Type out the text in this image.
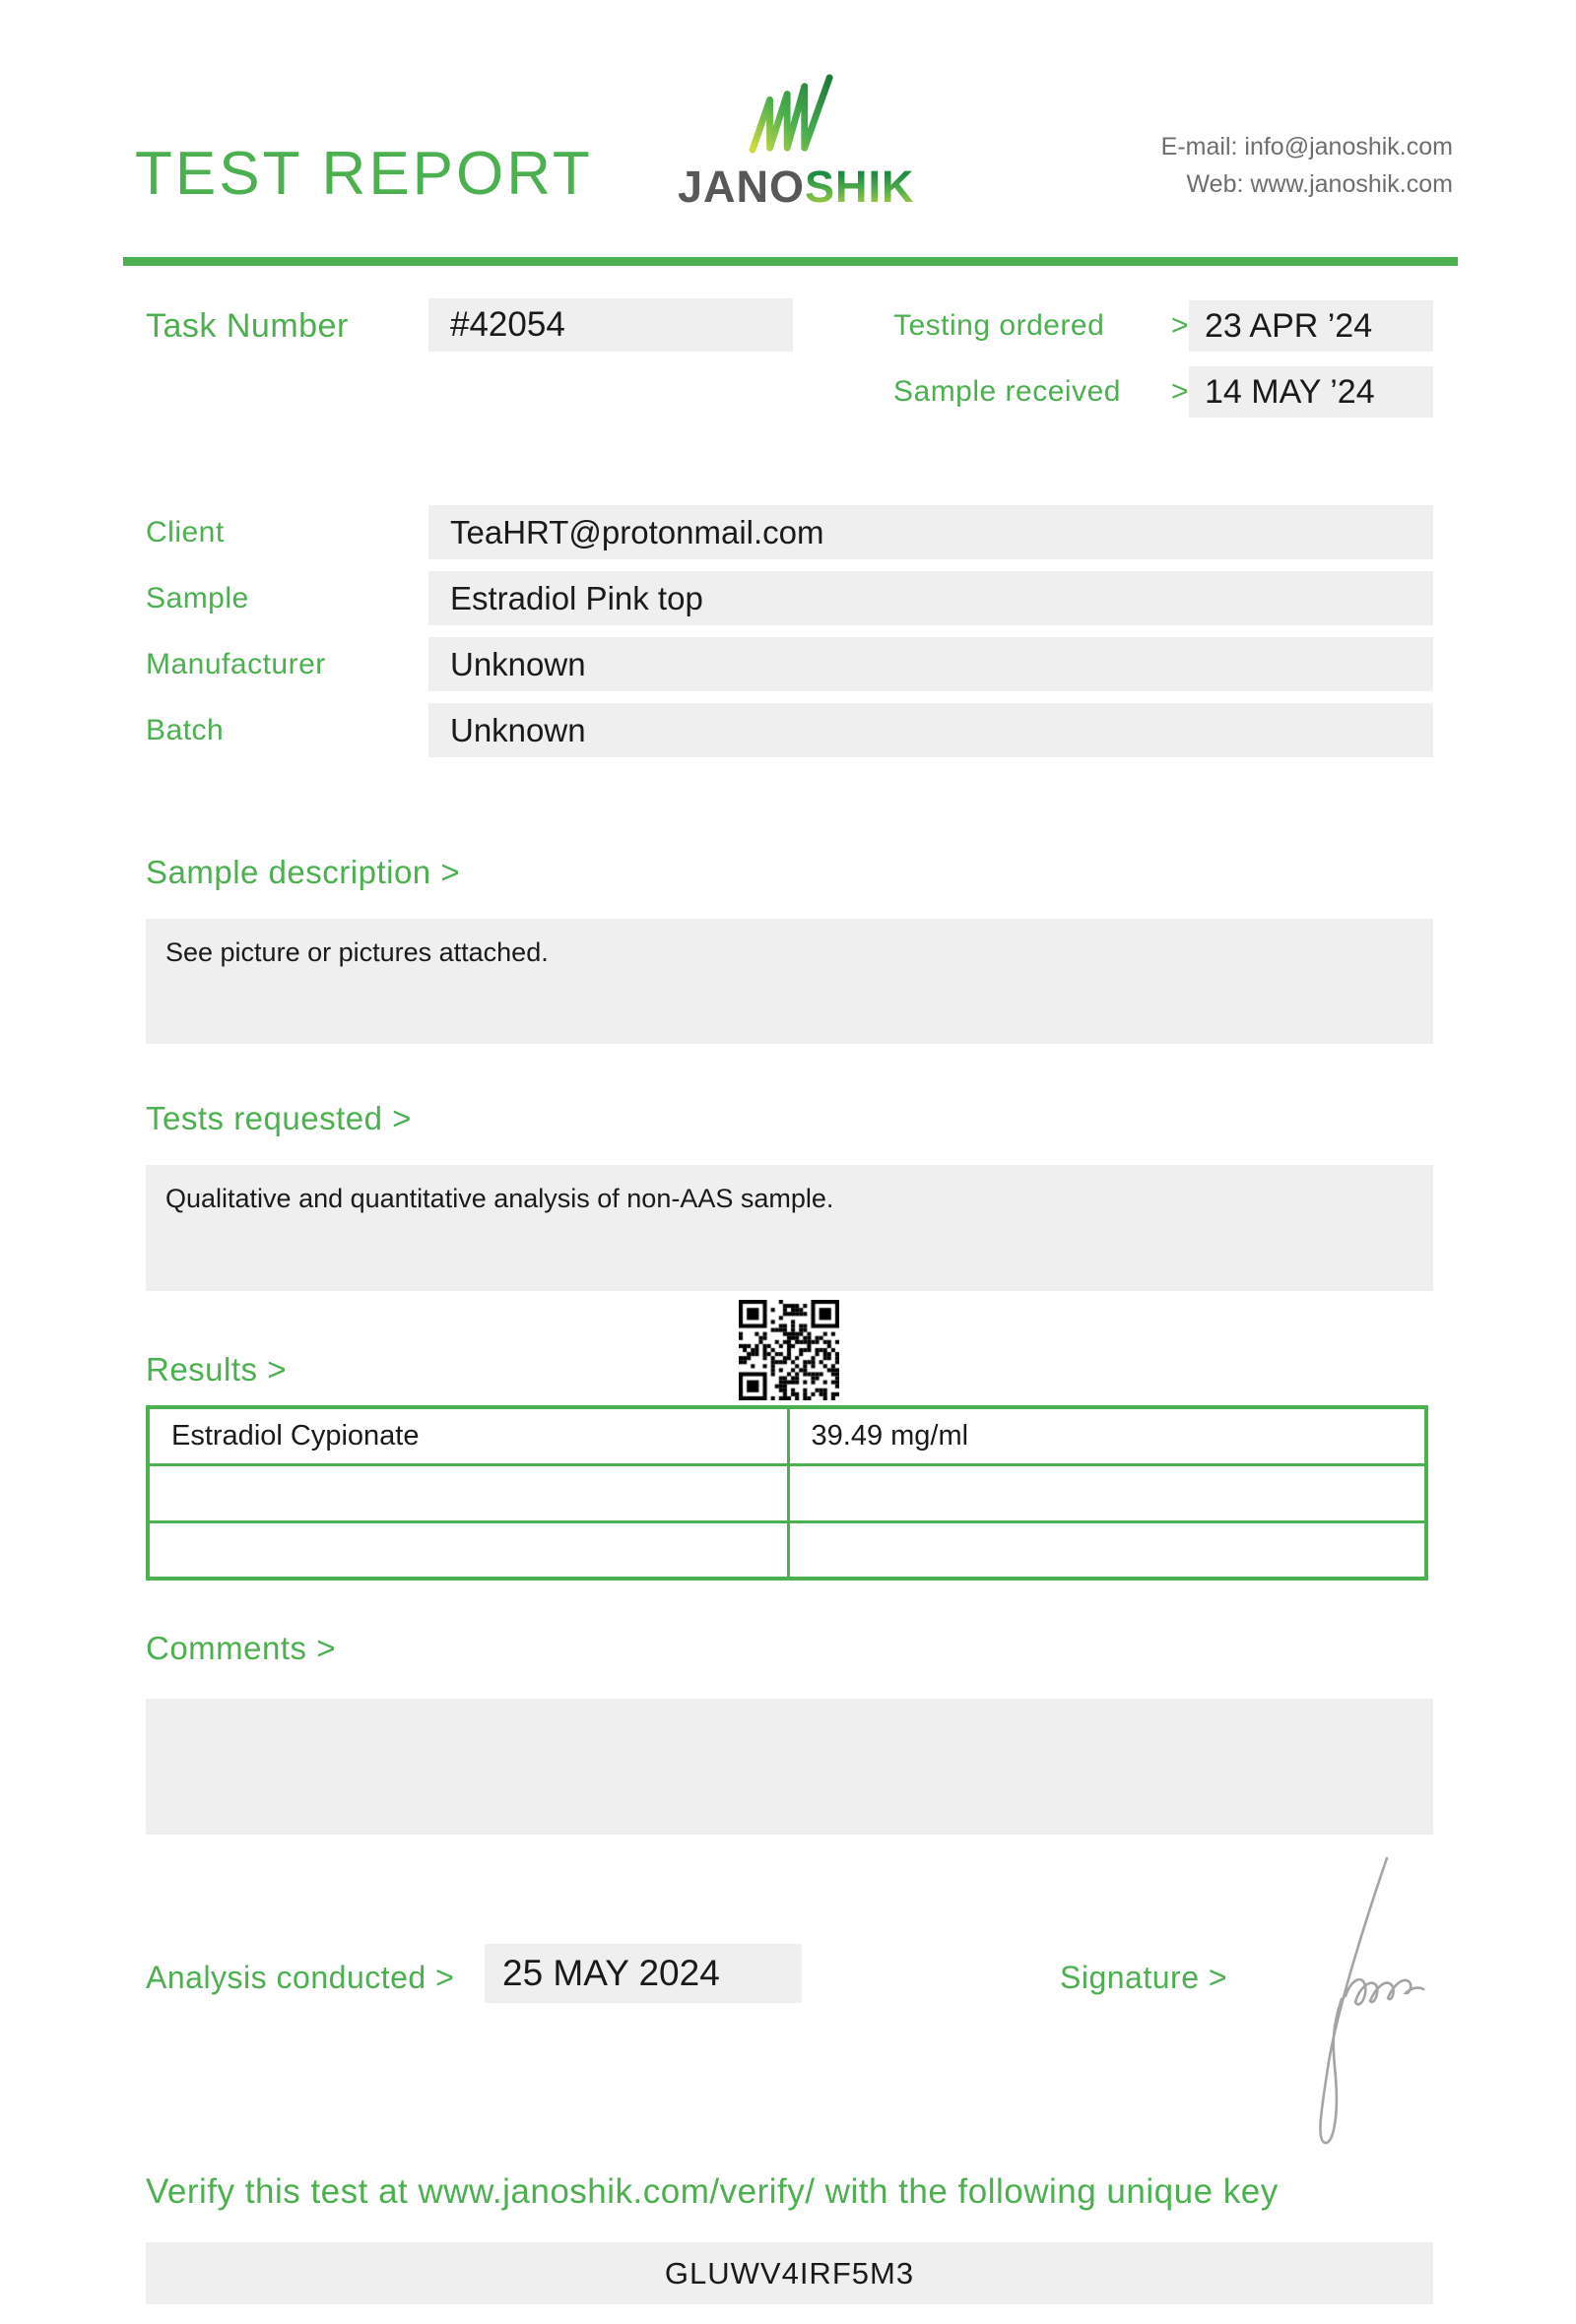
TEST REPORT JANOSHIK
E-mail: info@janoshik.com
Web: www.janoshik.com
Task Number	#42054	Testing ordered > 23 APR ’24
Sample received > 14 MAY ’24
Client	TeaHRT@protonmail.com
Sample	Estradiol Pink top
Manufacturer	Unknown
Batch	Unknown
Sample description >
See picture or pictures attached.
Tests requested >
Qualitative and quantitative analysis of non-AAS sample.
Results >
Estradiol Cypionate	39.49 mg/ml

Comments >
Analysis conducted >	25 MAY 2024	Signature >
Verify this test at www.janoshik.com/verify/ with the following unique key
GLUWV4IRF5M3
